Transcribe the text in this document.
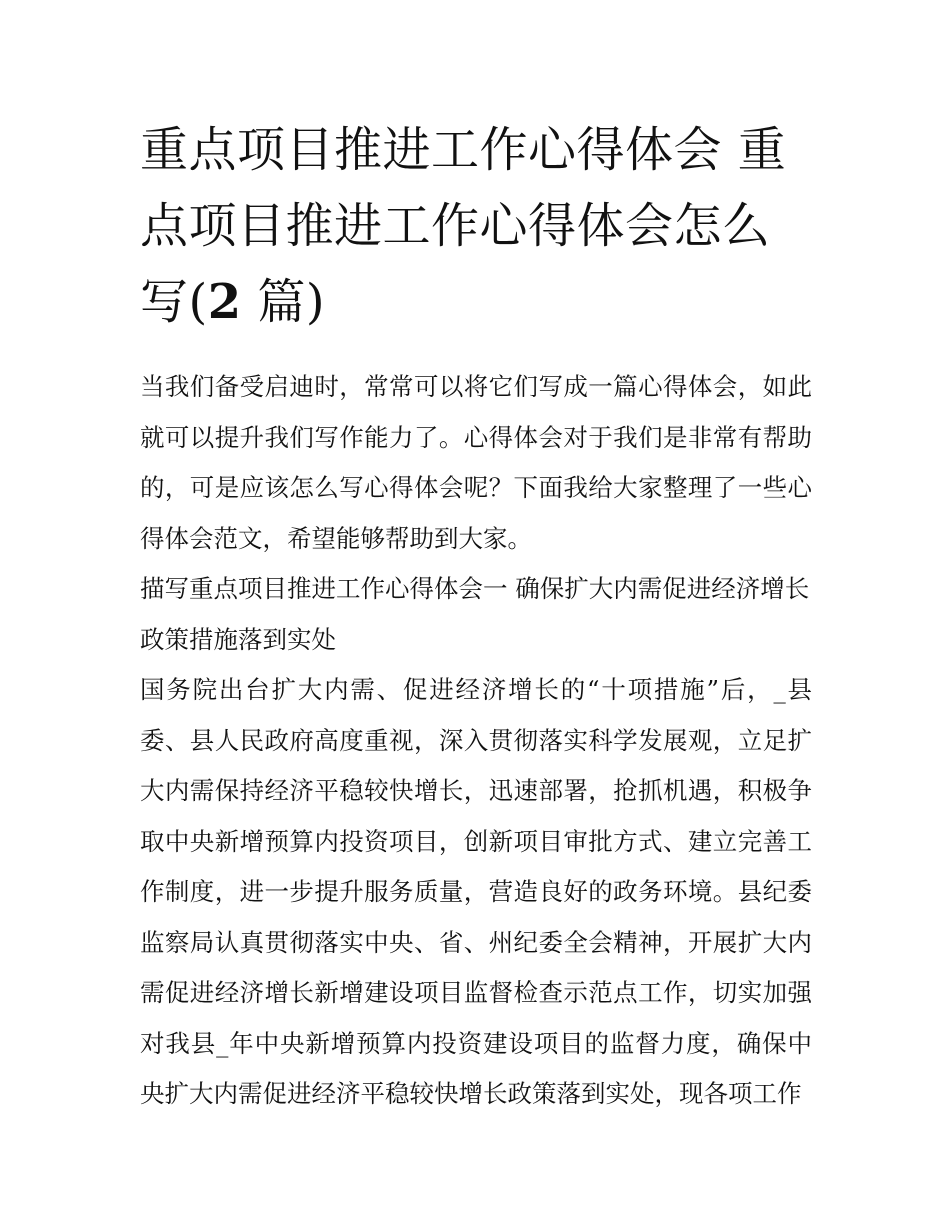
重点项目推进工作心得体会 重点项目推进工作心得体会怎么写(2 篇)

当我们备受启迪时，常常可以将它们写成一篇心得体会，如此就可以提升我们写作能力了。心得体会对于我们是非常有帮助的，可是应该怎么写心得体会呢？下面我给大家整理了一些心得体会范文，希望能够帮助到大家。

描写重点项目推进工作心得体会一 确保扩大内需促进经济增长政策措施落到实处

国务院出台扩大内需、促进经济增长的“十项措施”后，_县委、县人民政府高度重视，深入贯彻落实科学发展观，立足扩大内需保持经济平稳较快增长，迅速部署，抢抓机遇，积极争取中央新增预算内投资项目，创新项目审批方式、建立完善工作制度，进一步提升服务质量，营造良好的政务环境。县纪委监察局认真贯彻落实中央、省、州纪委全会精神，开展扩大内需促进经济增长新增建设项目监督检查示范点工作，切实加强对我县_年中央新增预算内投资建设项目的监督力度，确保中央扩大内需促进经济平稳较快增长政策落到实处，现各项工作
